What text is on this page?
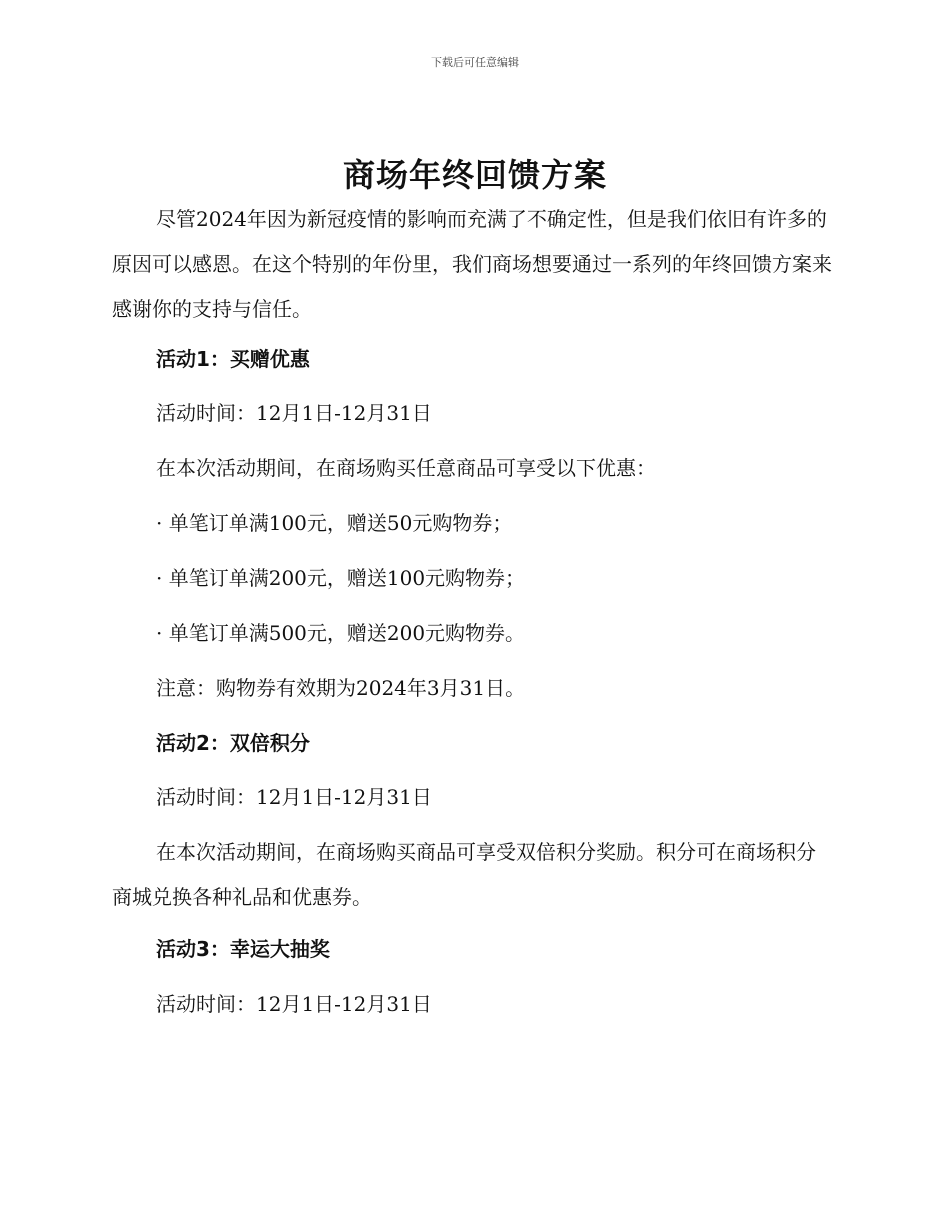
下载后可任意编辑
商场年终回馈方案

尽管2024年因为新冠疫情的影响而充满了不确定性，但是我们依旧有许多的原因可以感恩。在这个特别的年份里，我们商场想要通过一系列的年终回馈方案来感谢你的支持与信任。

活动1：买赠优惠

活动时间：12月1日-12月31日

在本次活动期间，在商场购买任意商品可享受以下优惠：

· 单笔订单满100元，赠送50元购物券；

· 单笔订单满200元，赠送100元购物券；

· 单笔订单满500元，赠送200元购物券。

注意：购物券有效期为2024年3月31日。

活动2：双倍积分

活动时间：12月1日-12月31日

在本次活动期间，在商场购买商品可享受双倍积分奖励。积分可在商场积分商城兑换各种礼品和优惠券。

活动3：幸运大抽奖

活动时间：12月1日-12月31日
